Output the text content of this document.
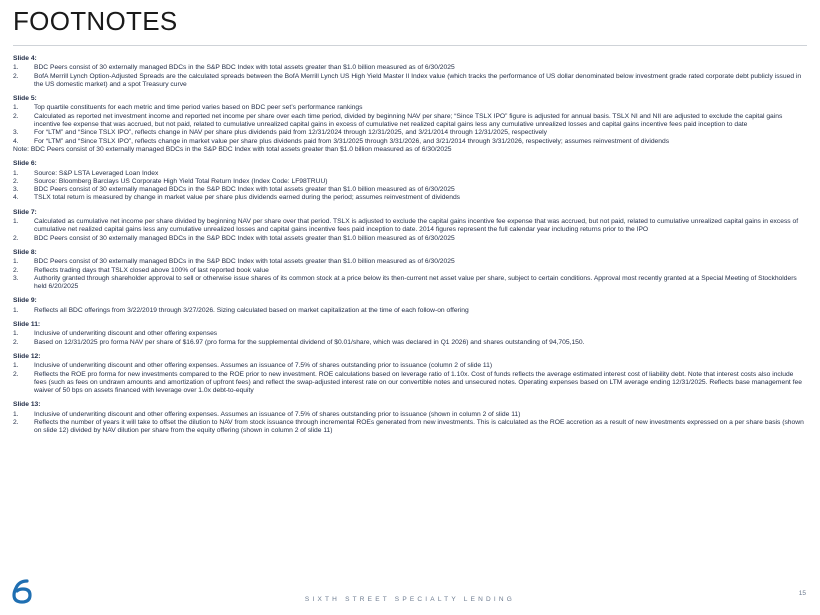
FOOTNOTES
Slide 4:
1.	BDC Peers consist of 30 externally managed BDCs in the S&P BDC Index with total assets greater than $1.0 billion measured as of 6/30/2025
2.	BofA Merrill Lynch Option-Adjusted Spreads are the calculated spreads between the BofA Merrill Lynch US High Yield Master II Index value (which tracks the performance of US dollar denominated below investment grade rated corporate debt publicly issued in the US domestic market) and a spot Treasury curve
Slide 5:
1.	Top quartile constituents for each metric and time period varies based on BDC peer set’s performance rankings
2.	Calculated as reported net investment income and reported net income per share over each time period, divided by beginning NAV per share; “Since TSLX IPO” figure is adjusted for annual basis. TSLX NI and NII are adjusted to exclude the capital gains incentive fee expense that was accrued, but not paid, related to cumulative unrealized capital gains in excess of cumulative net realized capital gains less any cumulative unrealized losses and capital gains incentive fees paid inception to date
3.	For “LTM” and “Since TSLX IPO”, reflects change in NAV per share plus dividends paid from 12/31/2024 through 12/31/2025, and 3/21/2014 through 12/31/2025, respectively
4.	For “LTM” and “Since TSLX IPO”, reflects change in market value per share plus dividends paid from 3/31/2025 through 3/31/2026, and 3/21/2014 through 3/31/2026, respectively; assumes reinvestment of dividends
Note: BDC Peers consist of 30 externally managed BDCs in the S&P BDC Index with total assets greater than $1.0 billion measured as of 6/30/2025
Slide 6:
1.	Source: S&P LSTA Leveraged Loan Index
2.	Source: Bloomberg Barclays US Corporate High Yield Total Return Index (Index Code: LF98TRUU)
3.	BDC Peers consist of 30 externally managed BDCs in the S&P BDC Index with total assets greater than $1.0 billion measured as of 6/30/2025
4.	TSLX total return is measured by change in market value per share plus dividends earned during the period; assumes reinvestment of dividends
Slide 7:
1.	Calculated as cumulative net income per share divided by beginning NAV per share over that period. TSLX is adjusted to exclude the capital gains incentive fee expense that was accrued, but not paid, related to cumulative unrealized capital gains in excess of cumulative net realized capital gains less any cumulative unrealized losses and capital gains incentive fees paid inception to date. 2014 figures represent the full calendar year including returns prior to the IPO
2.	BDC Peers consist of 30 externally managed BDCs in the S&P BDC Index with total assets greater than $1.0 billion measured as of 6/30/2025
Slide 8:
1.	BDC Peers consist of 30 externally managed BDCs in the S&P BDC Index with total assets greater than $1.0 billion measured as of 6/30/2025
2.	Reflects trading days that TSLX closed above 100% of last reported book value
3.	Authority granted through shareholder approval to sell or otherwise issue shares of its common stock at a price below its then-current net asset value per share, subject to certain conditions. Approval most recently granted at a Special Meeting of Stockholders held 6/20/2025
Slide 9:
1.	Reflects all BDC offerings from 3/22/2019 through 3/27/2026. Sizing calculated based on market capitalization at the time of each follow-on offering
Slide 11:
1.	Inclusive of underwriting discount and other offering expenses
2.	Based on 12/31/2025 pro forma NAV per share of $16.97 (pro forma for the supplemental dividend of $0.01/share, which was declared in Q1 2026) and shares outstanding of 94,705,150.
Slide 12:
1.	Inclusive of underwriting discount and other offering expenses. Assumes an issuance of 7.5% of shares outstanding prior to issuance (column 2 of slide 11)
2.	Reflects the ROE pro forma for new investments compared to the ROE prior to new investment. ROE calculations based on leverage ratio of 1.10x. Cost of funds reflects the average estimated interest cost of liability debt. Note that interest costs also include fees (such as fees on undrawn amounts and amortization of upfront fees) and reflect the swap-adjusted interest rate on our convertible notes and unsecured notes. Operating expenses based on LTM average ending 12/31/2025. Reflects base management fee waiver of 50 bps on assets financed with leverage over 1.0x debt-to-equity
Slide 13:
1.	Inclusive of underwriting discount and other offering expenses. Assumes an issuance of 7.5% of shares outstanding prior to issuance (shown in column 2 of slide 11)
2.	Reflects the number of years it will take to offset the dilution to NAV from stock issuance through incremental ROEs generated from new investments. This is calculated as the ROE accretion as a result of new investments expressed on a per share basis (shown on slide 12) divided by NAV dilution per share from the equity offering (shown in column 2 of slide 11)
SIXTH STREET SPECIALTY LENDING
15
